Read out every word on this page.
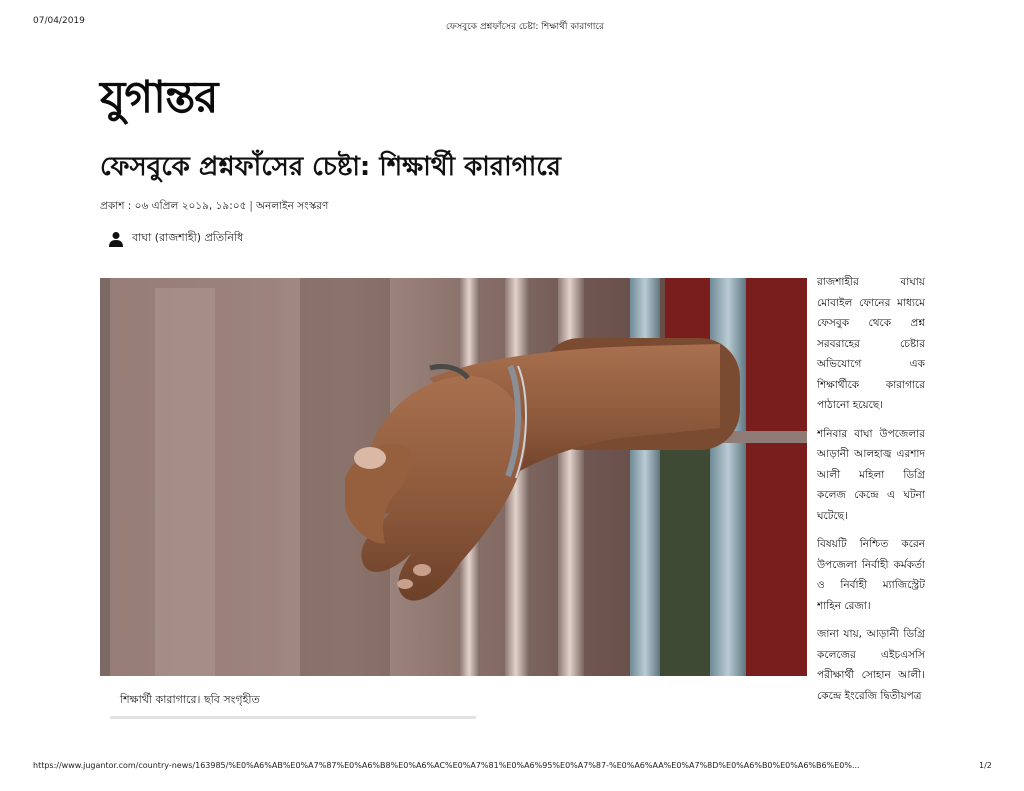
07/04/2019
ফেসবুকে প্রশ্নফাঁসের চেষ্টা: শিক্ষার্থী কারাগারে
যুগান্তর
ফেসবুকে প্রশ্নফাঁসের চেষ্টা: শিক্ষার্থী কারাগারে
প্রকাশ : ০৬ এপ্রিল ২০১৯, ১৯:০৫ | অনলাইন সংস্করণ
বাঘা (রাজশাহী) প্রতিনিধি
শিক্ষার্থী কারাগারে। ছবি সংগৃহীত

রাজশাহীর বাঘায় মোবাইল ফোনের মাধ্যমে ফেসবুক থেকে প্রশ্ন সরবরাহের চেষ্টার অভিযোগে এক শিক্ষার্থীকে কারাগারে পাঠানো হয়েছে।

শনিবার বাঘা উপজেলার আড়ানী আলহাজ্ব এরশাদ আলী মহিলা ডিগ্রি কলেজ কেন্দ্রে এ ঘটনা ঘটেছে।

বিষয়টি নিশ্চিত করেন উপজেলা নির্বাহী কর্মকর্তা ও নির্বাহী ম্যাজিস্ট্রেট শাহিন রেজা।

জানা যায়, আড়ানী ডিগ্রি কলেজের এইচএসসি পরীক্ষার্থী সোহান আলী। কেন্দ্রে ইংরেজি দ্বিতীয়পত্র

https://www.jugantor.com/country-news/163985/%E0%A6%AB%E0%A7%87%E0%A6%B8%E0%A6%AC%E0%A7%81%E0%A6%95%E0%A7%87-%E0%A6%AA%E0%A7%8D%E0%A6%B0%E0%A6%B6%E0%...	1/2
